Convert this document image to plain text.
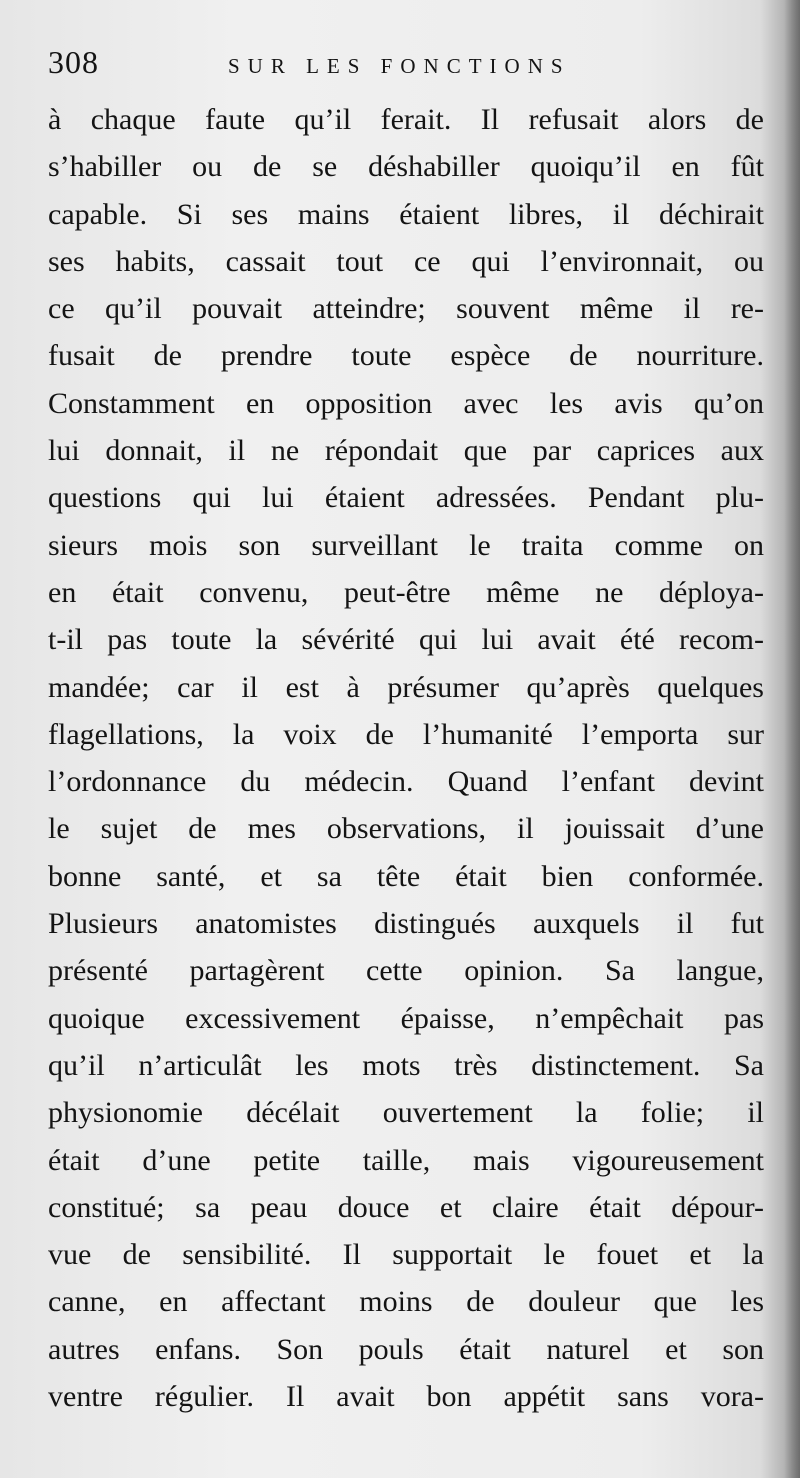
308	SUR LES FONCTIONS
à chaque faute qu’il ferait. Il refusait alors de
s’habiller ou de se déshabiller quoiqu’il en fût
capable. Si ses mains étaient libres, il déchirait
ses habits, cassait tout ce qui l’environnait, ou
ce qu’il pouvait atteindre; souvent même il re-
fusait de prendre toute espèce de nourriture.
Constamment en opposition avec les avis qu’on
lui donnait, il ne répondait que par caprices aux
questions qui lui étaient adressées. Pendant plu-
sieurs mois son surveillant le traita comme on
en était convenu, peut-être même ne déploya-
t-il pas toute la sévérité qui lui avait été recom-
mandée; car il est à présumer qu’après quelques
flagellations, la voix de l’humanité l’emporta sur
l’ordonnance du médecin. Quand l’enfant devint
le sujet de mes observations, il jouissait d’une
bonne santé, et sa tête était bien conformée.
Plusieurs anatomistes distingués auxquels il fut
présenté partagèrent cette opinion. Sa langue,
quoique excessivement épaisse, n’empêchait pas
qu’il n’articulât les mots très distinctement. Sa
physionomie décélait ouvertement la folie; il
était d’une petite taille, mais vigoureusement
constitué; sa peau douce et claire était dépour-
vue de sensibilité. Il supportait le fouet et la
canne, en affectant moins de douleur que les
autres enfans. Son pouls était naturel et son
ventre régulier. Il avait bon appétit sans vora-
